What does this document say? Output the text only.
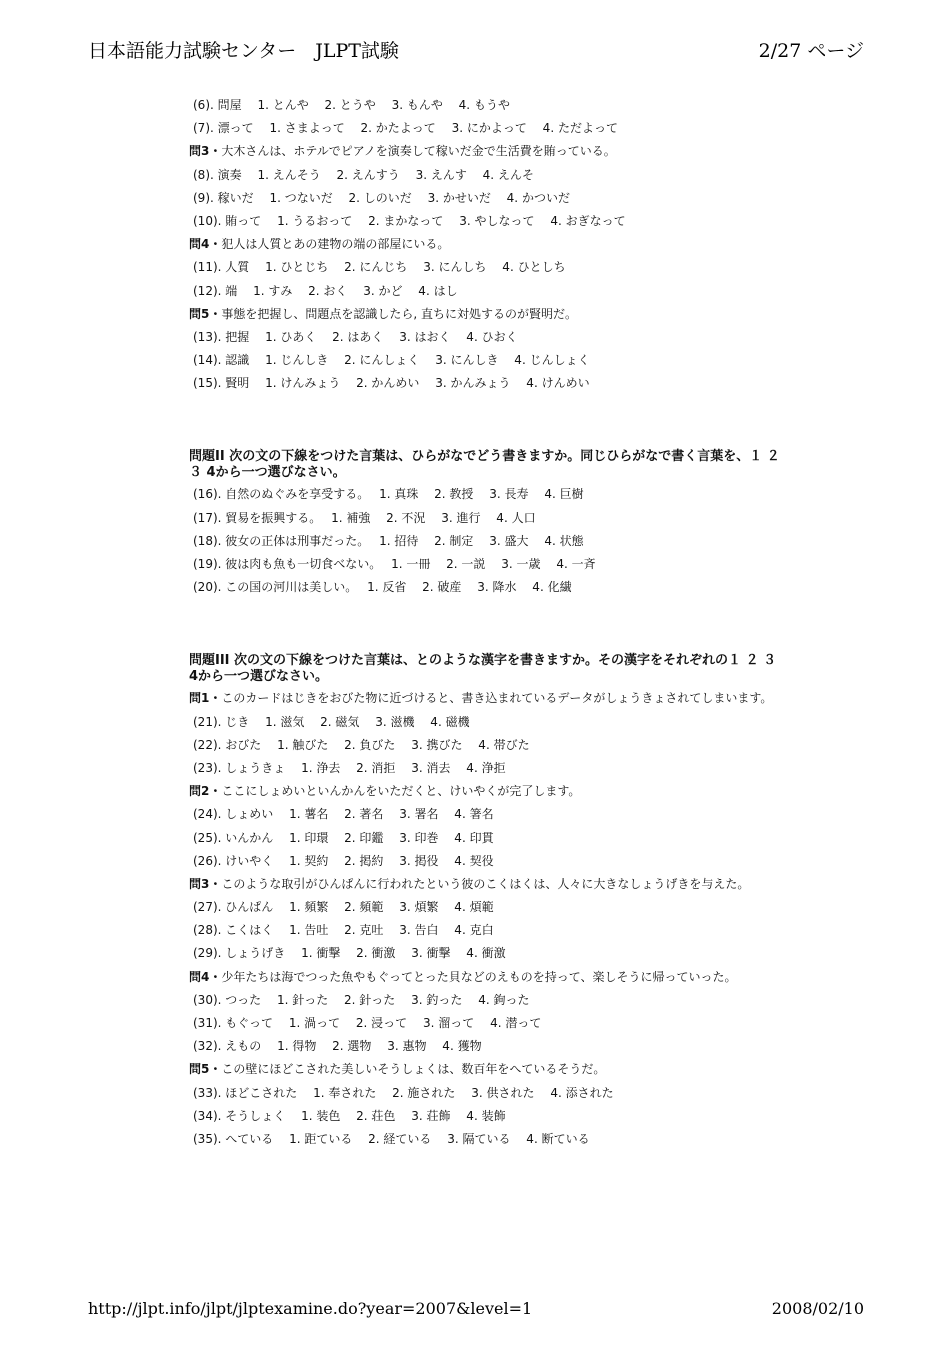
日本語能力試験センター　JLPT試験	2/27 ページ
(6). 問屋　 1. とんや　 2. とうや　 3. もんや　 4. もうや
(7). 漂って　 1. さまよって　 2. かたよって　 3. にかよって　 4. ただよって
問3・大木さんは、ホテルでピアノを演奏して稼いだ金で生活費を賄っている。
(8). 演奏　 1. えんそう　 2. えんすう　 3. えんす　 4. えんそ
(9). 稼いだ　 1. つないだ　 2. しのいだ　 3. かせいだ　 4. かついだ
(10). 賄って　 1. うるおって　 2. まかなって　 3. やしなって　 4. おぎなって
問4・犯人は人質とあの建物の端の部屋にいる。
(11). 人質　 1. ひとじち　 2. にんじち　 3. にんしち　 4. ひとしち
(12). 端　 1. すみ　 2. おく　 3. かど　 4. はし
問5・事態を把握し、問題点を認識したら, 直ちに対処するのが賢明だ。
(13). 把握　 1. ひあく　 2. はあく　 3. はおく　 4. ひおく
(14). 認識　 1. じんしき　 2. にんしょく　 3. にんしき　 4. じんしょく
(15). 賢明　 1. けんみょう　 2. かんめい　 3. かんみょう　 4. けんめい
問題II 次の文の下線をつけた言葉は、ひらがなでどう書きますか。同じひらがなで書く言葉を、１ ２ ３ 4から一つ選びなさい。
(16). 自然のぬぐみを享受する。　 1. 真珠　 2. 教授　 3. 長寿　 4. 巨樹
(17). 貿易を振興する。　 1. 補強　 2. 不況　 3. 進行　 4. 人口
(18). 彼女の正体は刑事だった。　 1. 招待　 2. 制定　 3. 盛大　 4. 状態
(19). 彼は肉も魚も一切食べない。　 1. 一冊　 2. 一説　 3. 一歳　 4. 一斉
(20). この国の河川は美しい。　 1. 反省　 2. 破産　 3. 降水　 4. 化繊
問題III 次の文の下線をつけた言葉は、とのような漢字を書きますか。その漢字をそれぞれの１ ２ ３ 4から一つ選びなさい。
問1・このカードはじきをおびた物に近づけると、書き込まれているデータがしょうきょされてしまいます。
(21). じき　 1. 滋気　 2. 磁気　 3. 滋機　 4. 磁機
(22). おびた　 1. 触びた　 2. 負びた　 3. 携びた　 4. 帯びた
(23). しょうきょ　 1. 浄去　 2. 消拒　 3. 消去　 4. 浄拒
問2・ここにしょめいといんかんをいただくと、けいやくが完了します。
(24). しょめい　 1. 薯名　 2. 著名　 3. 署名　 4. 箸名
(25). いんかん　 1. 印環　 2. 印鑑　 3. 印巻　 4. 印貫
(26). けいやく　 1. 契約　 2. 掲約　 3. 掲役　 4. 契役
問3・このような取引がひんぱんに行われたという彼のこくはくは、人々に大きなしょうげきを与えた。
(27). ひんぱん　 1. 頻繁　 2. 頻範　 3. 煩繁　 4. 煩範
(28). こくはく　 1. 告吐　 2. 克吐　 3. 告白　 4. 克白
(29). しょうげき　 1. 衝撃　 2. 衝激　 3. 衝撃　 4. 衝激
問4・少年たちは海でつった魚やもぐってとった貝などのえものを持って、楽しそうに帰っていった。
(30). つった　 1. 針った　 2. 針った　 3. 釣った　 4. 鉤った
(31). もぐって　 1. 渦って　 2. 浸って　 3. 溜って　 4. 潜って
(32). えもの　 1. 得物　 2. 選物　 3. 惠物　 4. 獲物
問5・この壁にほどこされた美しいそうしょくは、数百年をへているそうだ。
(33). ほどこされた　 1. 奉された　 2. 施された　 3. 供された　 4. 添された
(34). そうしょく　 1. 装色　 2. 荘色　 3. 荘飾　 4. 装飾
(35). へている　 1. 距ている　 2. 経ている　 3. 隔ている　 4. 断ている
http://jlpt.info/jlpt/jlptexamine.do?year=2007&level=1	2008/02/10
